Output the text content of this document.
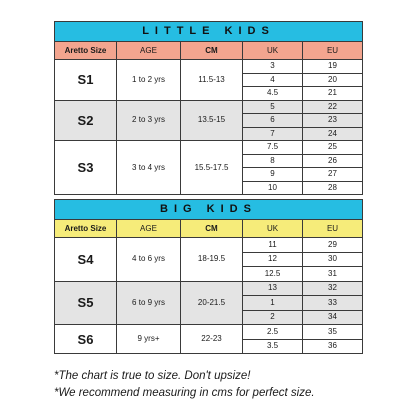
LITTLE KIDS				
Aretto Size	AGE	CM	UK	EU
S1	1 to 2 yrs	11.5-13	3	19
			4	20
			4.5	21
S2	2 to 3 yrs	13.5-15	5	22
			6	23
			7	24
S3	3 to 4 yrs	15.5-17.5	7.5	25
			8	26
			9	27
			10	28

BIG KIDS				
Aretto Size	AGE	CM	UK	EU
S4	4 to 6 yrs	18-19.5	11	29
			12	30
			12.5	31
S5	6 to 9 yrs	20-21.5	13	32
			1	33
			2	34
S6	9 yrs+	22-23	2.5	35
			3.5	36
*The chart is true to size. Don't upsize!
*We recommend measuring in cms for perfect size.
